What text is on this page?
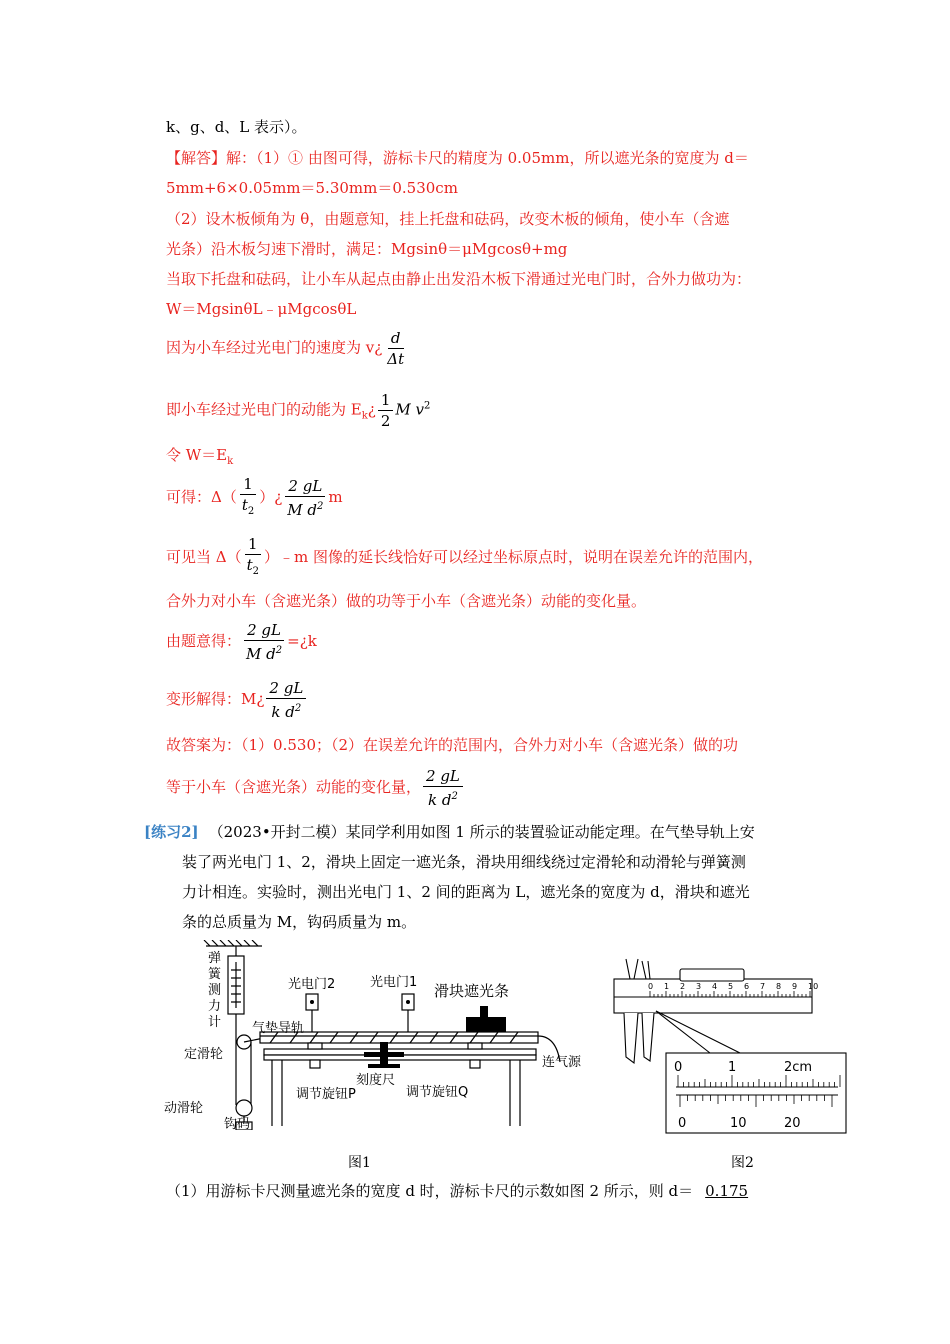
k、g、d、L 表示）。
【解答】解：（1）① 由图可得，游标卡尺的精度为 0.05mm，所以遮光条的宽度为 d＝
5mm+6×0.05mm＝5.30mm＝0.530cm
（2）设木板倾角为 θ，由题意知，挂上托盘和砝码，改变木板的倾角，使小车（含遮
光条）沿木板匀速下滑时，满足：Mgsinθ＝μMgcosθ+mg
当取下托盘和砝码，让小车从起点由静止出发沿木板下滑通过光电门时，合外力做功为：
W＝MgsinθL﹣μMgcosθL
因为小车经过光电门的速度为 v¿ $\frac{d}{\Delta t}$
即小车经过光电门的动能为 $E_k¿ \frac{1}{2}$ M $v^2$
令 $W=E_k$
可得：$\Delta( \frac{1}{t_2}$ ）¿ $\frac{2 gL}{M d^2}$ m
可见当 $\Delta( \frac{1}{t_2}$ ）﹣m 图像的延长线恰好可以经过坐标原点时，说明在误差允许的范围内，
合外力对小车（含遮光条）做的功等于小车（含遮光条）动能的变化量。
由题意得： $\frac{2 gL}{M d^2}$ =¿k
变形解得：M¿ $\frac{2 gL}{k d^2}$
故答案为：（1）0.530；（2）在误差允许的范围内，合外力对小车（含遮光条）做的功
等于小车（含遮光条）动能的变化量， $\frac{2 gL}{k d^2}$
[练习2] （2023•开封二模）某同学利用如图 1 所示的装置验证动能定理。在气垫导轨上安
装了两光电门 1、2，滑块上固定一遮光条，滑块用细线绕过定滑轮和动滑轮与弹簧测
力计相连。实验时，测出光电门 1、2 间的距离为 L，遮光条的宽度为 d，滑块和遮光
条的总质量为 M，钩码质量为 m。
弹
簧
测
力
计
定滑轮
动滑轮
钩码
光电门2	光电门1 滑块遮光条
气垫导轨
刻度尺
调节旋钮P	调节旋钮Q
连气源
图1
0 1 2 3 4 5 6 7 8 9 10
0	1	2cm
0	10	20
图2
（1）用游标卡尺测量遮光条的宽度 d 时，游标卡尺的示数如图 2 所示，则 d＝ 0.175
